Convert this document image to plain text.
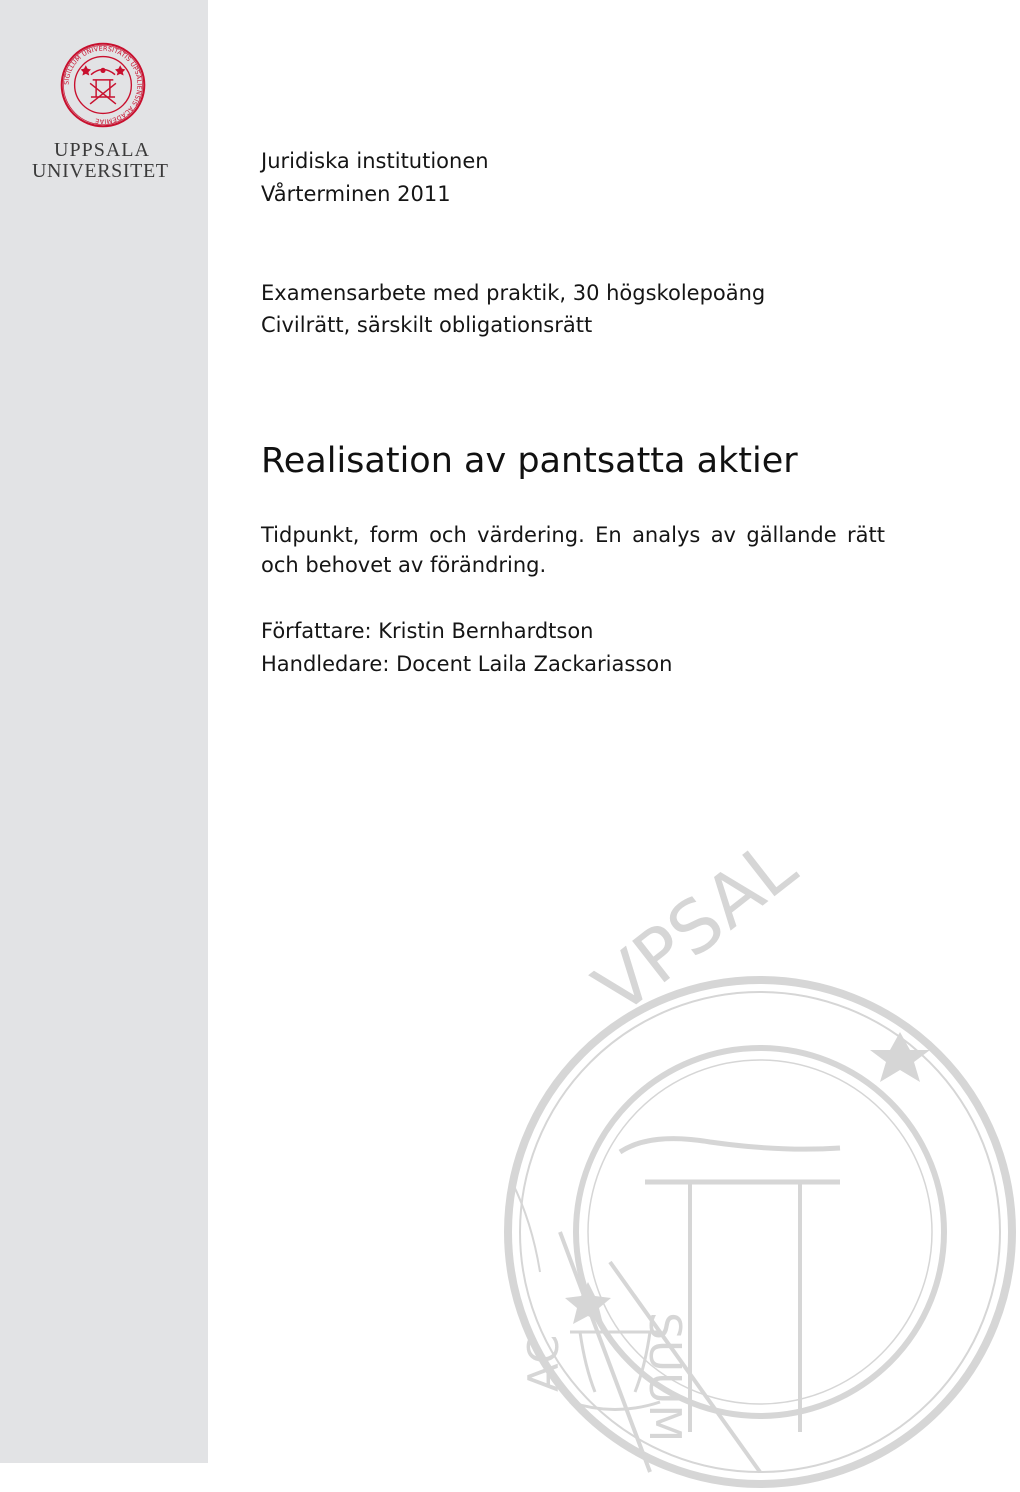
SIGILLUM UNIVERSITATIS UPSALIENSIS ACADEMIAE
UPPSALA
UNIVERSITET	Juridiska institutionen
Vårterminen 2011
Examensarbete med praktik, 30 högskolepoäng
Civilrätt, särskilt obligationsrätt
Realisation av pantsatta aktier
Tidpunkt, form och värdering. En analys av gällande rätt och behovet av förändring.
Författare: Kristin Bernhardtson
Handledare: Docent Laila Zackariasson
VPSAL
SUUM
AC
